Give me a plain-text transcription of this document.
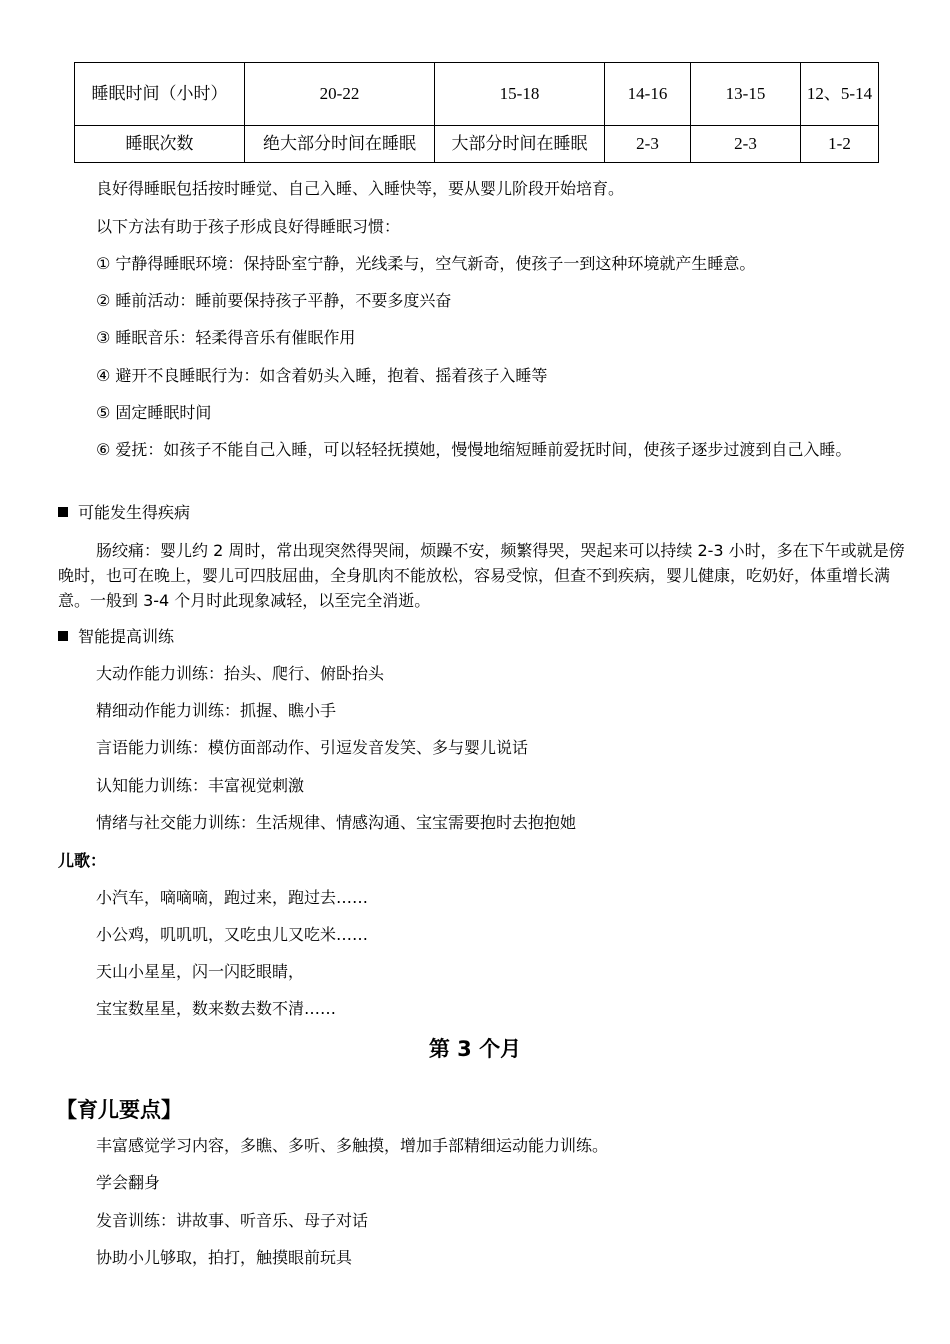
睡眠时间（小时）	20-22	15-18	14-16	13-15	12、5-14
睡眠次数	绝大部分时间在睡眠	大部分时间在睡眠	2-3	2-3	1-2
良好得睡眠包括按时睡觉、自己入睡、入睡快等，要从婴儿阶段开始培育。
以下方法有助于孩子形成良好得睡眠习惯：
① 宁静得睡眠环境：保持卧室宁静，光线柔与，空气新奇，使孩子一到这种环境就产生睡意。
② 睡前活动：睡前要保持孩子平静，不要多度兴奋
③ 睡眠音乐：轻柔得音乐有催眠作用
④ 避开不良睡眠行为：如含着奶头入睡，抱着、摇着孩子入睡等
⑤ 固定睡眠时间
⑥ 爱抚：如孩子不能自己入睡，可以轻轻抚摸她，慢慢地缩短睡前爱抚时间，使孩子逐步过渡到自己入睡。
可能发生得疾病
肠绞痛：婴儿约 2 周时，常出现突然得哭闹，烦躁不安，频繁得哭，哭起来可以持续 2-3 小时，多在下午或就是傍晚时，也可在晚上，婴儿可四肢屈曲，全身肌肉不能放松，容易受惊，但查不到疾病，婴儿健康，吃奶好，体重增长满意。一般到 3-4 个月时此现象减轻，以至完全消逝。
智能提高训练
大动作能力训练：抬头、爬行、俯卧抬头
精细动作能力训练：抓握、瞧小手
言语能力训练：模仿面部动作、引逗发音发笑、多与婴儿说话
认知能力训练：丰富视觉刺激
情绪与社交能力训练：生活规律、情感沟通、宝宝需要抱时去抱抱她
儿歌：
小汽车，嘀嘀嘀，跑过来，跑过去……
小公鸡，叽叽叽，又吃虫儿又吃米……
天山小星星，闪一闪眨眼睛，
宝宝数星星，数来数去数不清……
第 3 个月
【育儿要点】
丰富感觉学习内容，多瞧、多听、多触摸，增加手部精细运动能力训练。
学会翻身
发音训练：讲故事、听音乐、母子对话
协助小儿够取，拍打，触摸眼前玩具
